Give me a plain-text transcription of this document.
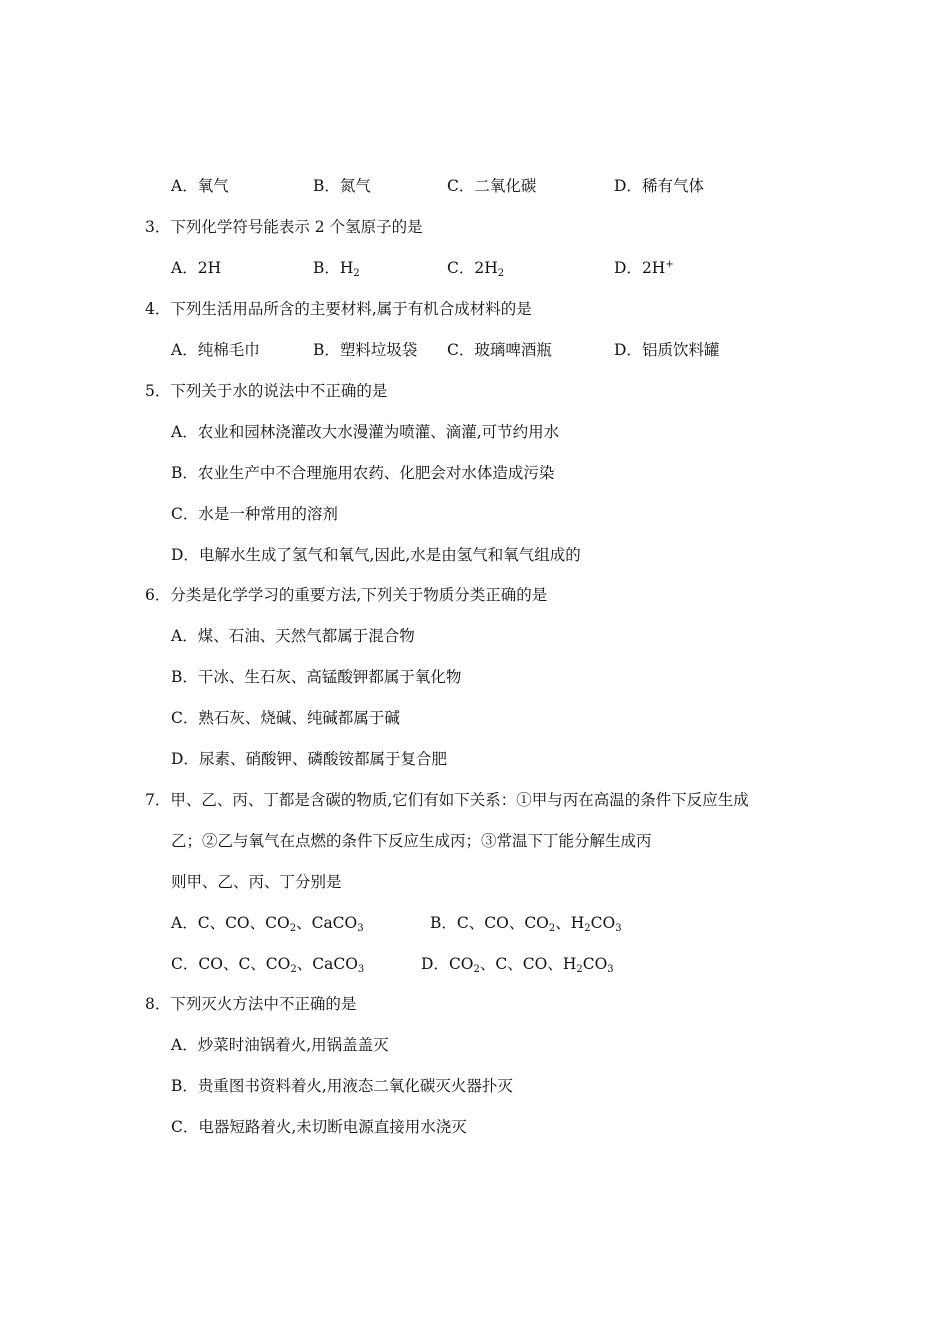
A．氧气	B．氮气	C．二氧化碳	D．稀有气体
3．下列化学符号能表示 2 个氢原子的是
A．2H	B．$H_2$	C．$2H_2$	D．2H+
4．下列生活用品所含的主要材料,属于有机合成材料的是
A．纯棉毛巾	B．塑料垃圾袋 C．玻璃啤酒瓶	D．铝质饮料罐
5．下列关于水的说法中不正确的是
A．农业和园林浇灌改大水漫灌为喷灌、滴灌,可节约用水
B．农业生产中不合理施用农药、化肥会对水体造成污染
C．水是一种常用的溶剂
D．电解水生成了氢气和氧气,因此,水是由氢气和氧气组成的
6．分类是化学学习的重要方法,下列关于物质分类正确的是
A．煤、石油、天然气都属于混合物
B．干冰、生石灰、高锰酸钾都属于氧化物
C．熟石灰、烧碱、纯碱都属于碱
D．尿素、硝酸钾、磷酸铵都属于复合肥
7．甲、乙、丙、丁都是含碳的物质,它们有如下关系：①甲与丙在高温的条件下反应生成
乙；②乙与氧气在点燃的条件下反应生成丙；③常温下丁能分解生成丙
则甲、乙、丙、丁分别是
A．C、CO、$CO_2$、CaCO$_3$	B．C、CO、$CO_2$、$H_2CO_3$
C．CO、C、$CO_2$、CaCO$_3$	D．$CO_2$、C、CO、$H_2CO_3$
8．下列灭火方法中不正确的是
A．炒菜时油锅着火,用锅盖盖灭
B．贵重图书资料着火,用液态二氧化碳灭火器扑灭
C．电器短路着火,未切断电源直接用水浇灭
